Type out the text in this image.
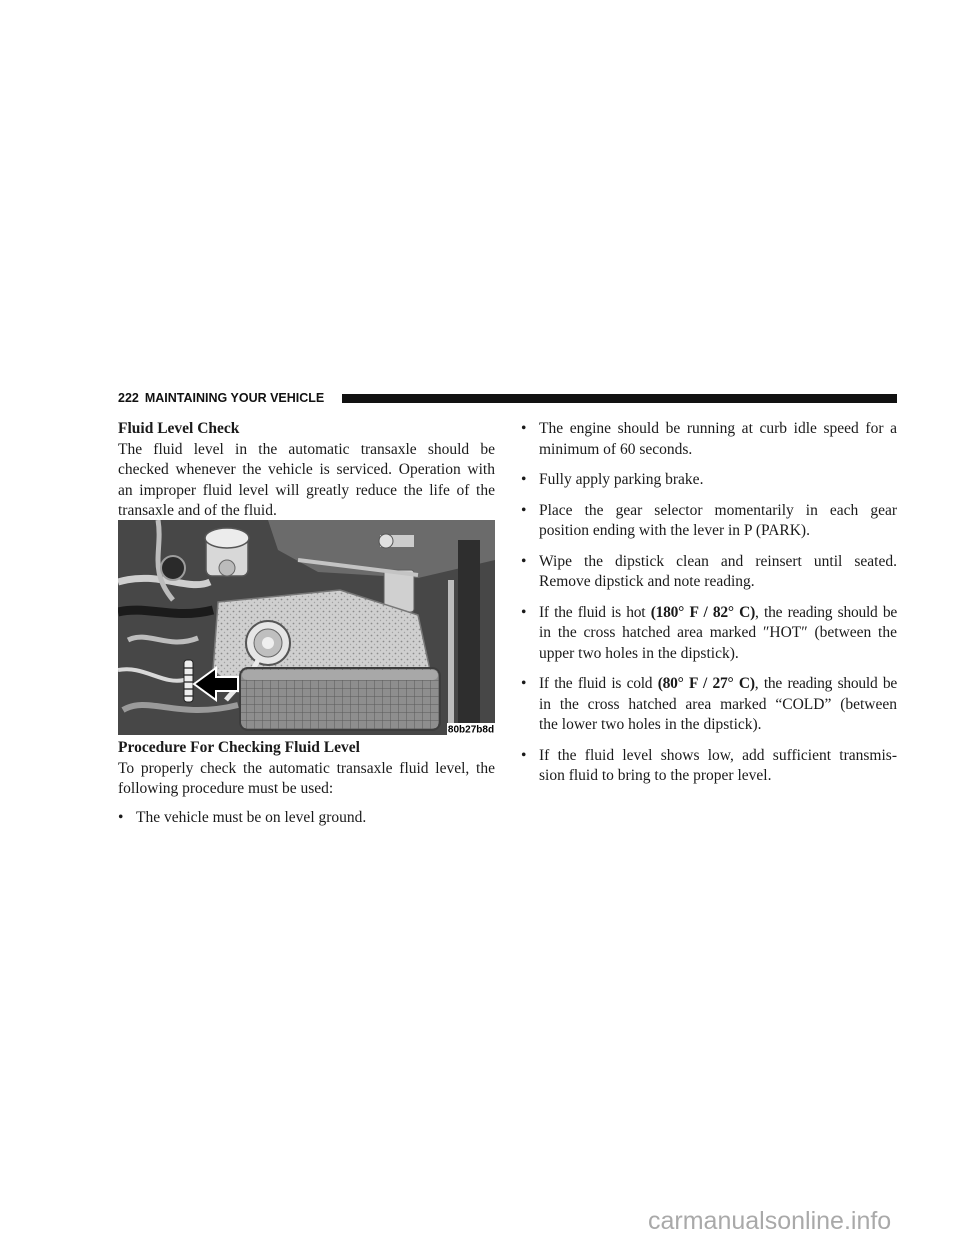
222 MAINTAINING YOUR VEHICLE
Fluid Level Check
The fluid level in the automatic transaxle should be
checked whenever the vehicle is serviced. Operation with
an improper fluid level will greatly reduce the life of the
transaxle and of the fluid.
80b27b8d
Procedure For Checking Fluid Level
To properly check the automatic transaxle fluid level, the
following procedure must be used:
• The vehicle must be on level ground.
• The engine should be running at curb idle speed for a
minimum of 60 seconds.
• Fully apply parking brake.
• Place the gear selector momentarily in each gear
position ending with the lever in P (PARK).
• Wipe the dipstick clean and reinsert until seated.
Remove dipstick and note reading.
• If the fluid is hot (180° F / 82° C), the reading should be
in the cross hatched area marked ″HOT″ (between the
upper two holes in the dipstick).
• If the fluid is cold (80° F / 27° C), the reading should be
in the cross hatched area marked “COLD” (between
the lower two holes in the dipstick).
• If the fluid level shows low, add sufficient transmis-
sion fluid to bring to the proper level.
carmanualsonline.info
